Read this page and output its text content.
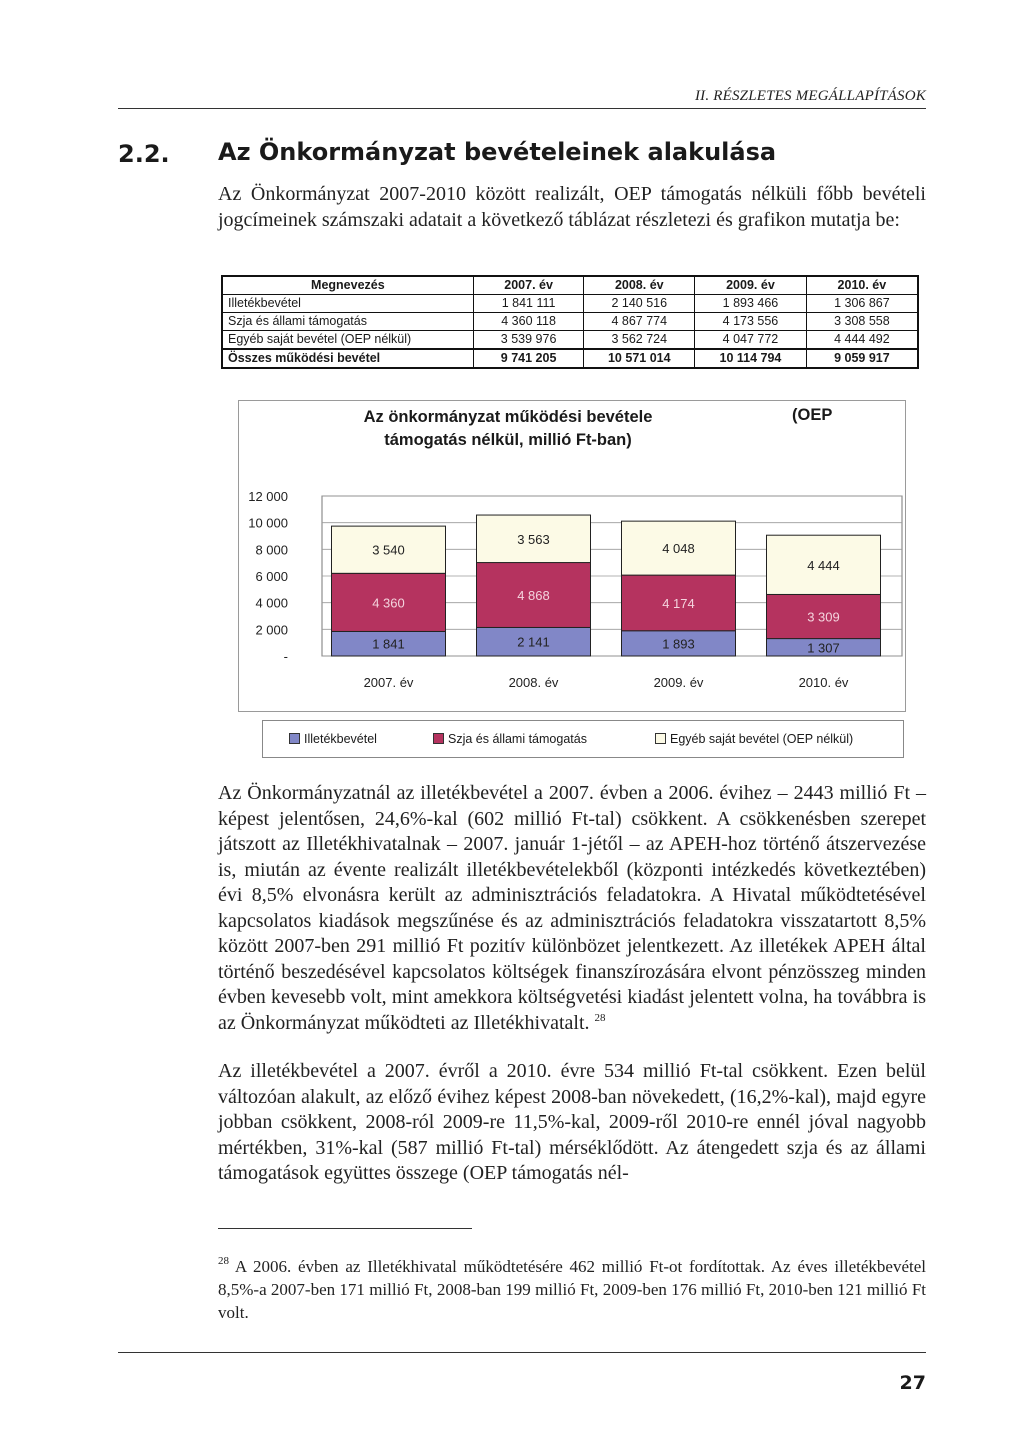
II. RÉSZLETES MEGÁLLAPÍTÁSOK
2.2. Az Önkormányzat bevételeinek alakulása
Az Önkormányzat 2007-2010 között realizált, OEP támogatás nélküli főbb bevételi jogcímeinek számszaki adatait a következő táblázat részletezi és grafikon mutatja be:
Megnevezés	2007. év	2008. év	2009. év	2010. év
Illetékbevétel	1 841 111	2 140 516	1 893 466	1 306 867
Szja és állami támogatás	4 360 118	4 867 774	4 173 556	3 308 558
Egyéb saját bevétel (OEP nélkül)	3 539 976	3 562 724	4 047 772	4 444 492
Összes működési bevétel	9 741 205	10 571 014	10 114 794	9 059 917
Az önkormányzat működési bevétele
támogatás nélkül, millió Ft-ban)
(OEP
12 000
10 000
8 000
6 000
4 000
2 000
-
1 841
4 360
3 540
2007. év
2 141
4 868
3 563
2008. év
1 893
4 174
4 048
2009. év
1 307
3 309
4 444
2010. év
Illetékbevétel	Szja és állami támogatás	Egyéb saját bevétel (OEP nélkül)
Az Önkormányzatnál az illetékbevétel a 2007. évben a 2006. évihez – 2443 millió Ft – képest jelentősen, 24,6%-kal (602 millió Ft-tal) csökkent. A csökkenésben szerepet játszott az Illetékhivatalnak – 2007. január 1-jétől – az APEH-hoz történő átszervezése is, miután az évente realizált illetékbevételekből (központi intézkedés következtében) évi 8,5% elvonásra került az adminisztrációs feladatokra. A Hivatal működtetésével kapcsolatos kiadások megszűnése és az adminisztrációs feladatokra visszatartott 8,5% között 2007-ben 291 millió Ft pozitív különbözet jelentkezett. Az illetékek APEH által történő beszedésével kapcsolatos költségek finanszírozására elvont pénzösszeg minden évben kevesebb volt, mint amekkora költségvetési kiadást jelentett volna, ha továbbra is az Önkormányzat működteti az Illetékhivatalt. $^{28}$
Az illetékbevétel a 2007. évről a 2010. évre 534 millió Ft-tal csökkent. Ezen belül változóan alakult, az előző évihez képest 2008-ban növekedett, (16,2%-kal), majd egyre jobban csökkent, 2008-ról 2009-re 11,5%-kal, 2009-ről 2010-re ennél jóval nagyobb mértékben, 31%-kal (587 millió Ft-tal) mérséklődött. Az átengedett szja és az állami támogatások együttes összege (OEP támogatás nél-
$^{28}$ A 2006. évben az Illetékhivatal működtetésére 462 millió Ft-ot fordítottak. Az éves illetékbevétel 8,5%-a 2007-ben 171 millió Ft, 2008-ban 199 millió Ft, 2009-ben 176 millió Ft, 2010-ben 121 millió Ft volt.
27
